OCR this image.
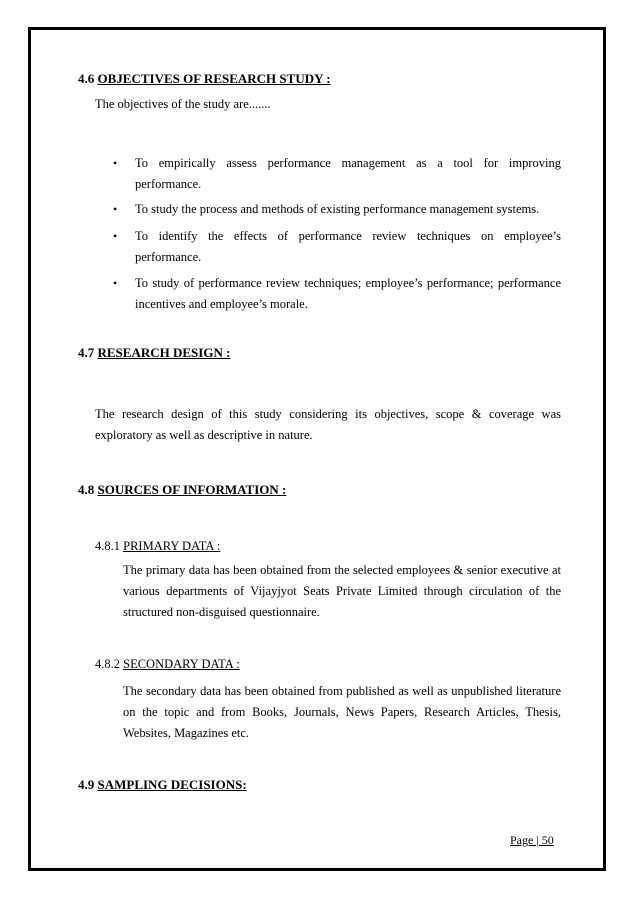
4.6 OBJECTIVES OF RESEARCH STUDY :
The objectives of the study are.......
• To empirically assess performance management as a tool for improving performance.
• To study the process and methods of existing performance management systems.
• To identify the effects of performance review techniques on employee’s performance.
• To study of performance review techniques; employee’s performance; performance incentives and employee’s morale.
4.7 RESEARCH DESIGN :
The research design of this study considering its objectives, scope & coverage was exploratory as well as descriptive in nature.
4.8 SOURCES OF INFORMATION :
4.8.1 PRIMARY DATA :
The primary data has been obtained from the selected employees & senior executive at various departments of Vijayjyot Seats Private Limited through circulation of the structured non-disguised questionnaire.
4.8.2 SECONDARY DATA :
The secondary data has been obtained from published as well as unpublished literature on the topic and from Books, Journals, News Papers, Research Articles, Thesis, Websites, Magazines etc.
4.9 SAMPLING DECISIONS:
Page | 50
